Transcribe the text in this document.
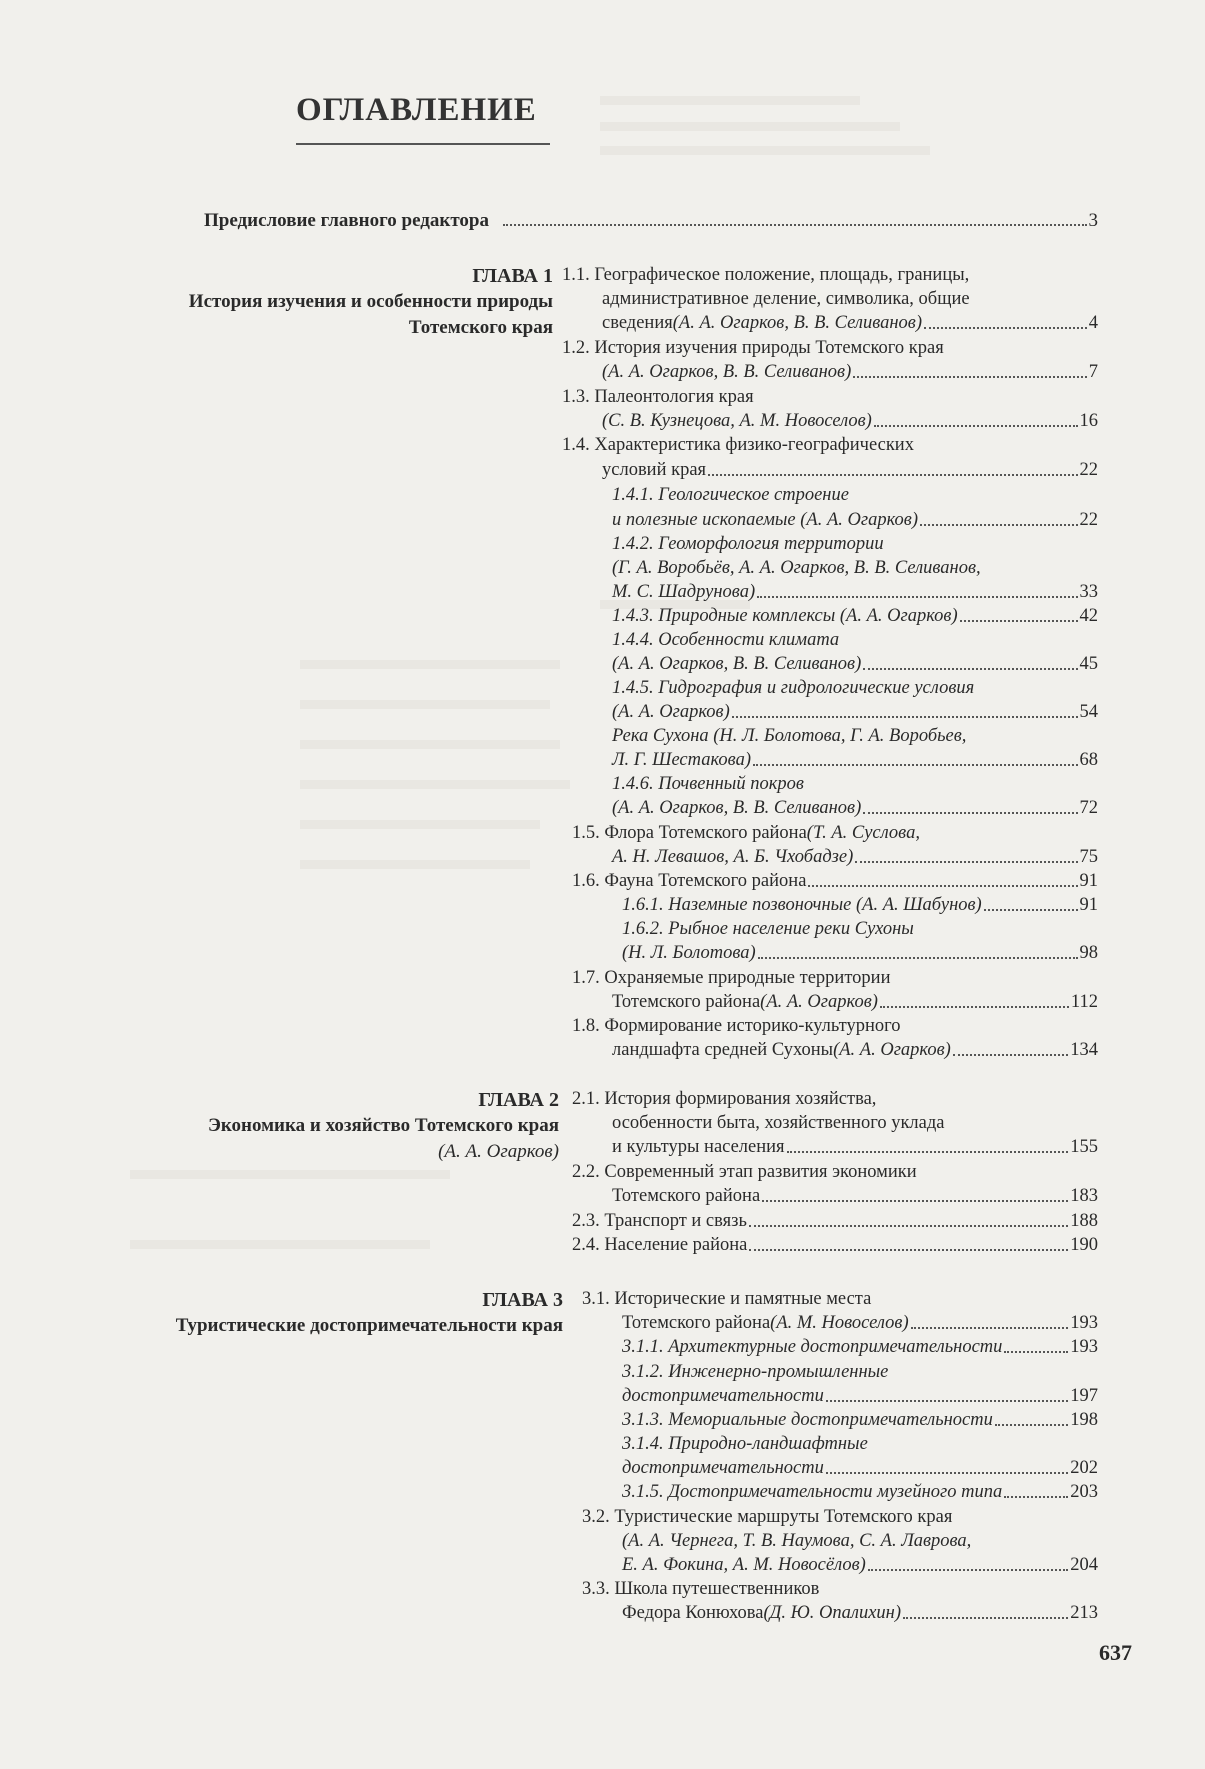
ОГЛАВЛЕНИЕ
Предисловие главного редактора	3
ГЛАВА 1
История изучения и особенности природы
Тотемского края
ГЛАВА 2
Экономика и хозяйство Тотемского края
(А. А. Огарков)
ГЛАВА 3
Туристические достопримечательности края
1.1. Географическое положение, площадь, границы,
административное деление, символика, общие
сведения (А. А. Огарков, В. В. Селиванов)	4
1.2. История изучения природы Тотемского края
(А. А. Огарков, В. В. Селиванов)	7
1.3. Палеонтология края
(С. В. Кузнецова, А. М. Новоселов)	16
1.4. Характеристика физико-географических
условий края	22
1.4.1. Геологическое строение
и полезные ископаемые (А. А. Огарков)	22
1.4.2. Геоморфология территории
(Г. А. Воробьёв, А. А. Огарков, В. В. Селиванов,
М. С. Шадрунова)	33
1.4.3. Природные комплексы (А. А. Огарков)	42
1.4.4. Особенности климата
(А. А. Огарков, В. В. Селиванов)	45
1.4.5. Гидрография и гидрологические условия
(А. А. Огарков)	54
Река Сухона (Н. Л. Болотова, Г. А. Воробьев,
Л. Г. Шестакова)	68
1.4.6. Почвенный покров
(А. А. Огарков, В. В. Селиванов)	72
1.5. Флора Тотемского района (Т. А. Суслова,
А. Н. Левашов, А. Б. Чхобадзе)	75
1.6. Фауна Тотемского района	91
1.6.1. Наземные позвоночные (А. А. Шабунов)	91
1.6.2. Рыбное население реки Сухоны
(Н. Л. Болотова)	98
1.7. Охраняемые природные территории
Тотемского района (А. А. Огарков)	112
1.8. Формирование историко-культурного
ландшафта средней Сухоны (А. А. Огарков)	134
2.1. История формирования хозяйства,
особенности быта, хозяйственного уклада
и культуры населения	155
2.2. Современный этап развития экономики
Тотемского района	183
2.3. Транспорт и связь	188
2.4. Население района	190
3.1. Исторические и памятные места
Тотемского района (А. М. Новоселов)	193
3.1.1. Архитектурные достопримечательности	193
3.1.2. Инженерно-промышленные
достопримечательности	197
3.1.3. Мемориальные достопримечательности	198
3.1.4. Природно-ландшафтные
достопримечательности	202
3.1.5. Достопримечательности музейного типа	203
3.2. Туристические маршруты Тотемского края
(А. А. Чернега, Т. В. Наумова, С. А. Лаврова,
Е. А. Фокина, А. М. Новосёлов)	204
3.3. Школа путешественников
Федора Конюхова (Д. Ю. Опалихин)	213
637
